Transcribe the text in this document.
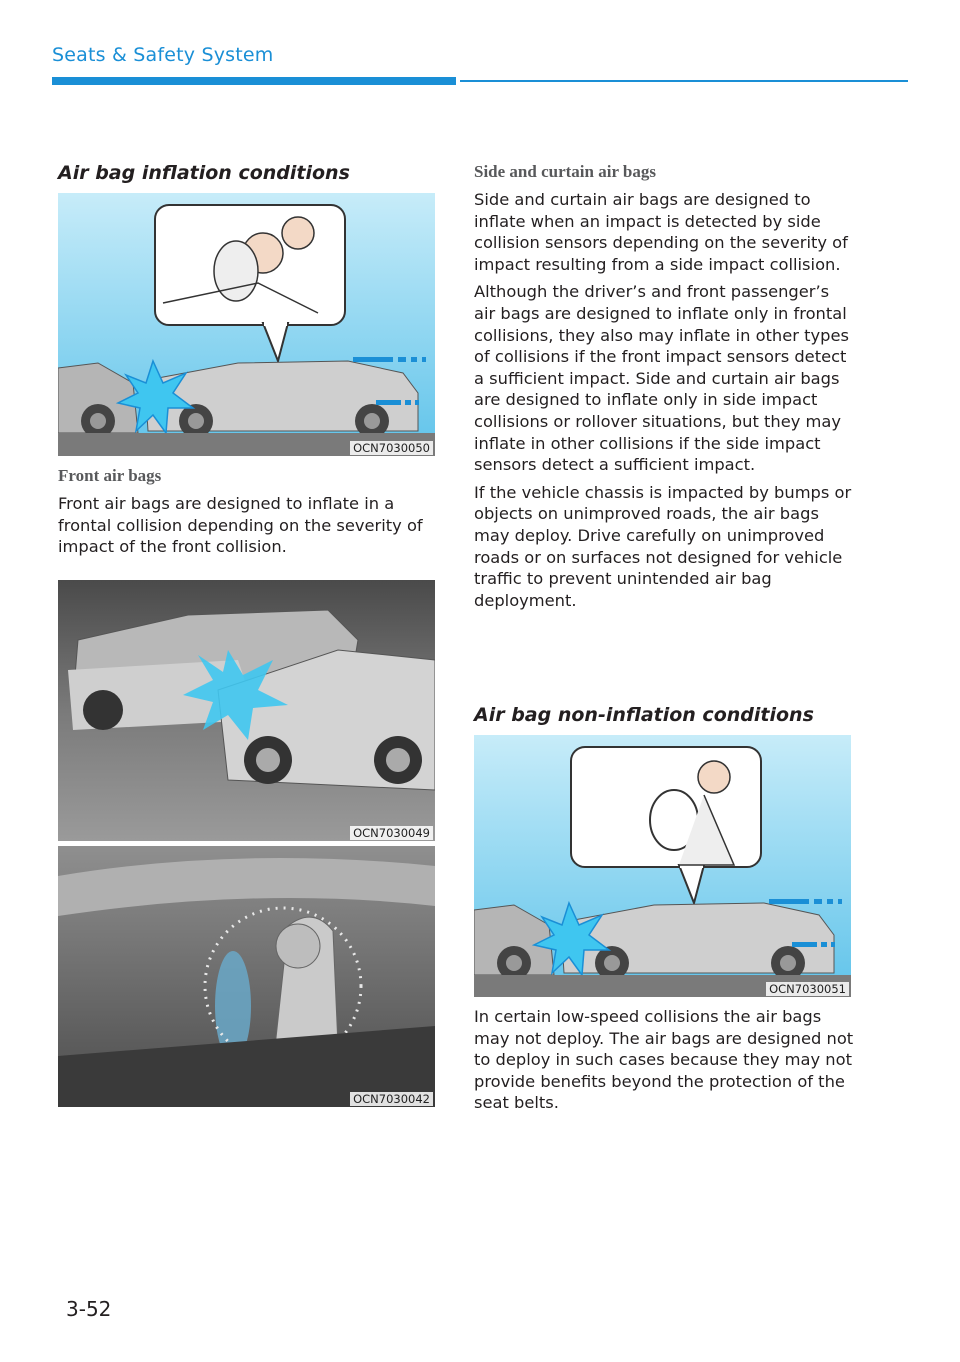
Seats & Safety System
Air bag inflation conditions
OCN7030050
Front air bags

Front air bags are designed to inflate in a frontal collision depending on the severity of impact of the front collision.

OCN7030049
OCN7030042
Side and curtain air bags

Side and curtain air bags are designed to inflate when an impact is detected by side collision sensors depending on the severity of impact resulting from a side impact collision.

Although the driver’s and front passenger’s air bags are designed to inflate only in frontal collisions, they also may inflate in other types of collisions if the front impact sensors detect a sufficient impact. Side and curtain air bags are designed to inflate only in side impact collisions or rollover situations, but they may inflate in other collisions if the side impact sensors detect a sufficient impact.

If the vehicle chassis is impacted by bumps or objects on unimproved roads, the air bags may deploy. Drive carefully on unimproved roads or on surfaces not designed for vehicle traffic to prevent unintended air bag deployment.

Air bag non-inflation conditions
OCN7030051

In certain low-speed collisions the air bags may not deploy. The air bags are designed not to deploy in such cases because they may not provide benefits beyond the protection of the seat belts.

3-52
